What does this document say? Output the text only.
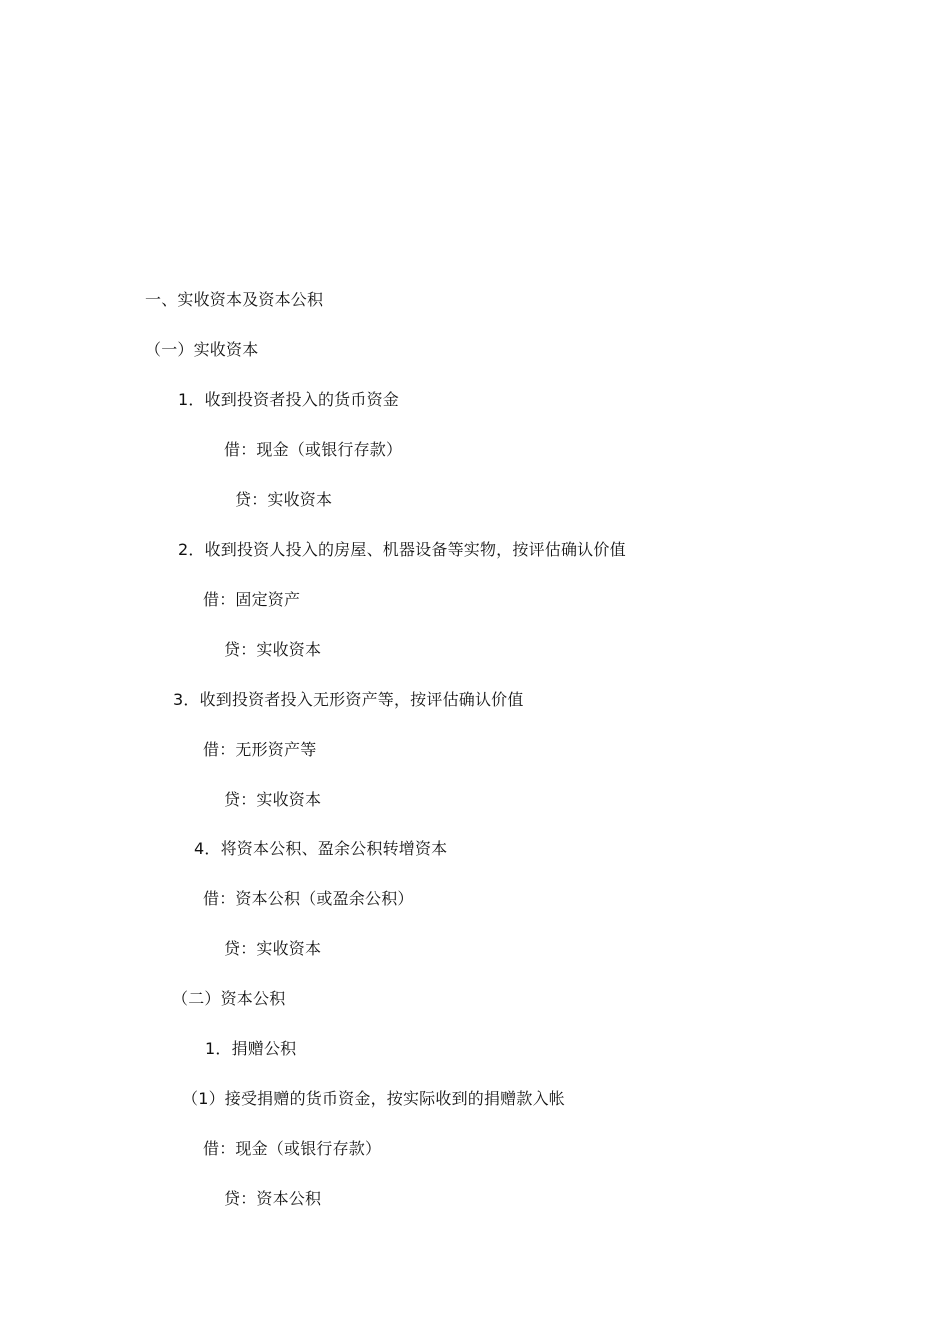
一、实收资本及资本公积
（一）实收资本
1．收到投资者投入的货币资金
借：现金（或银行存款）
贷：实收资本
2．收到投资人投入的房屋、机器设备等实物，按评估确认价值
借：固定资产
贷：实收资本
3．收到投资者投入无形资产等，按评估确认价值
借：无形资产等
贷：实收资本
4．将资本公积、盈余公积转增资本
借：资本公积（或盈余公积）
贷：实收资本
（二）资本公积
1．捐赠公积
（1）接受捐赠的货币资金，按实际收到的捐赠款入帐
借：现金（或银行存款）
贷：资本公积
